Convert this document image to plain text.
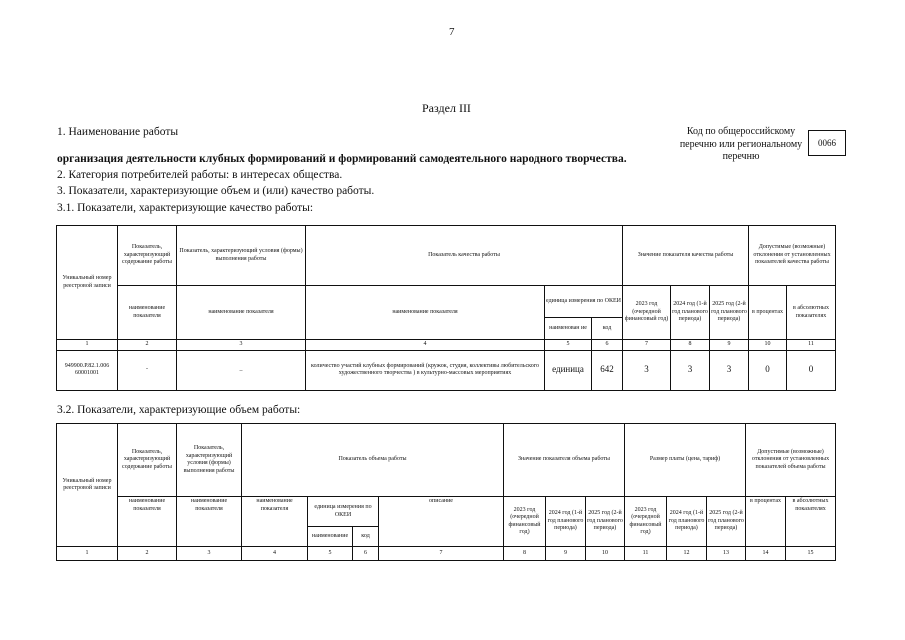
7
Раздел III
1. Наименование работы	Код по общероссийскому перечню или региональному перечню
0066
организация деятельности клубных формирований и формирований самодеятельного народного творчества.
2. Категория потребителей работы: в интересах общества.
3. Показатели, характеризующие объем и (или) качество работы.
3.1. Показатели, характеризующие качество работы:
Уникальный номер реестровой записи	Показатель, характеризующий содержание работы	Показатель, характеризующий условия (формы) выполнения работы	Показатель качества работы			Значение показателя качества работы			Допустимые (возможные) отклонения от установленных показателей качества работы	
	наименование показателя	наименование показателя	наименование показателя	единица измерения по ОКЕИ		2023 год (очередной финансовый год)	2024 год (1-й год планового периода)	2025 год (2-й год планового периода)	в процентах	в абсолютных показателях
				наименован ие	код					
1	2	3	4	5	6	7	8	9	10	11
949900.Р.82.1.006 60001001	-	_	количество участий клубных формирований (кружок, студия, коллективы любительского художественного творчества ) в культурно-массовых мероприятиях	единица	642	3	3	3	0	0
3.2. Показатели, характеризующие объем работы:
Уникальный номер реестровой записи	Показатель, характеризующий содержание работы	Показатель, характеризующий условия (формы) выполнения работы	Показатель объема работы				Значение показателя объема работы			Размер платы (цена, тариф)			Допустимые (возможные) отклонения от установленных показателей объема работы	
	наименование показателя	наименование показателя	наименование показателя	единица измерения по ОКЕИ		описание	2023 год (очередной финансовый год)	2024 год (1-й год планового периода)	2025 год (2-й год планового периода)	2023 год (очередной финансовый год)	2024 год (1-й год планового периода)	2025 год (2-й год планового периода)	в процентах	в абсолютных показателях
				наименование	код									
1	2	3	4	5	6	7	8	9	10	11	12	13	14	15
